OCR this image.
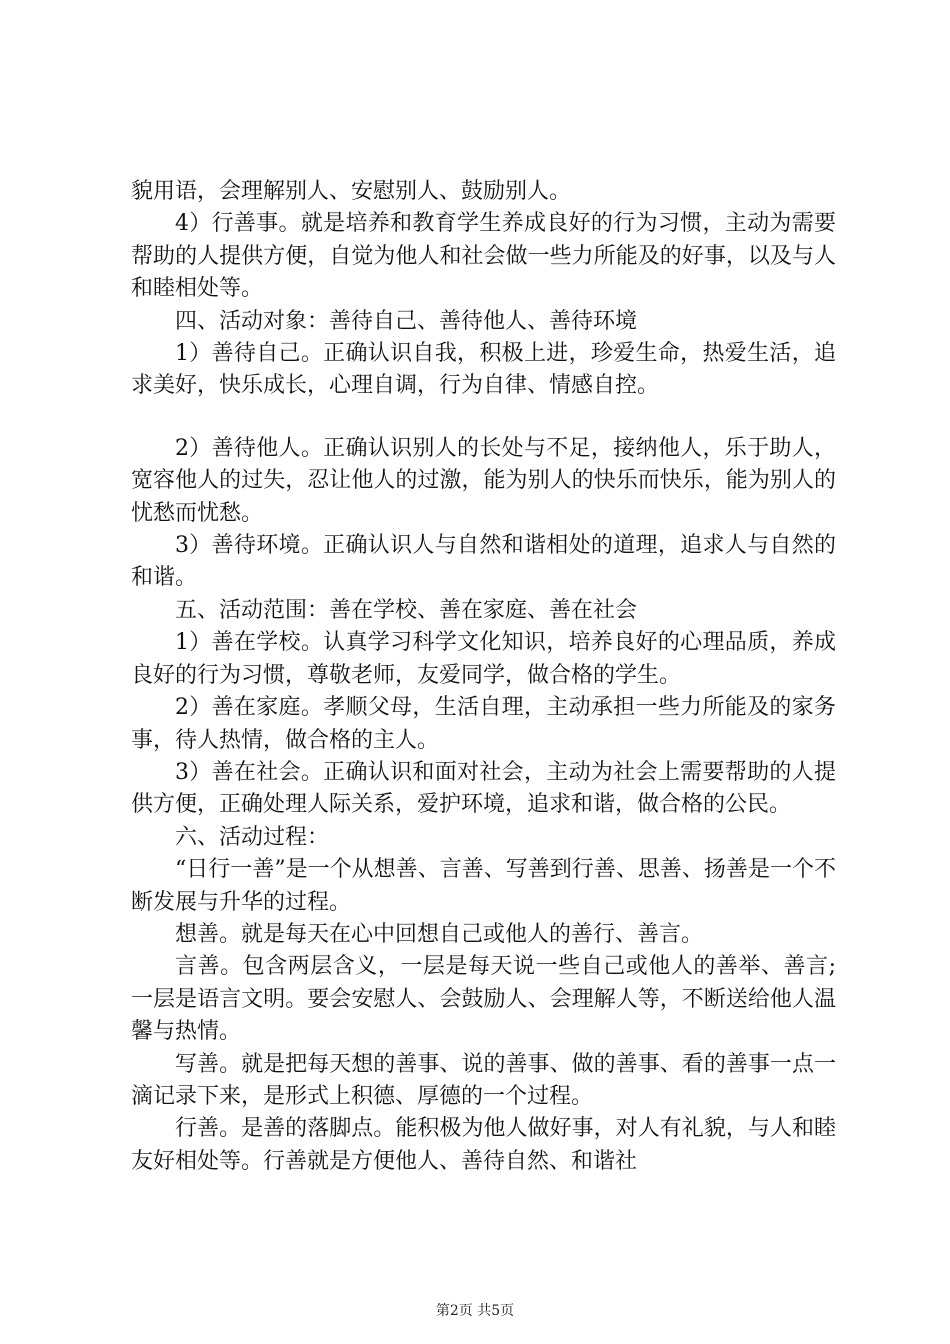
貌用语，会理解别人、安慰别人、鼓励别人。

4）行善事。就是培养和教育学生养成良好的行为习惯，主动为需要帮助的人提供方便，自觉为他人和社会做一些力所能及的好事，以及与人和睦相处等。

四、活动对象：善待自己、善待他人、善待环境

1）善待自己。正确认识自我，积极上进，珍爱生命，热爱生活，追求美好，快乐成长，心理自调，行为自律、情感自控。

2）善待他人。正确认识别人的长处与不足，接纳他人，乐于助人，宽容他人的过失，忍让他人的过激，能为别人的快乐而快乐，能为别人的忧愁而忧愁。

3）善待环境。正确认识人与自然和谐相处的道理，追求人与自然的和谐。

五、活动范围：善在学校、善在家庭、善在社会

1）善在学校。认真学习科学文化知识，培养良好的心理品质，养成良好的行为习惯，尊敬老师，友爱同学，做合格的学生。

2）善在家庭。孝顺父母，生活自理，主动承担一些力所能及的家务事，待人热情，做合格的主人。

3）善在社会。正确认识和面对社会，主动为社会上需要帮助的人提供方便，正确处理人际关系，爱护环境，追求和谐，做合格的公民。

六、活动过程：

“日行一善”是一个从想善、言善、写善到行善、思善、扬善是一个不断发展与升华的过程。

想善。就是每天在心中回想自己或他人的善行、善言。

言善。包含两层含义，一层是每天说一些自己或他人的善举、善言;一层是语言文明。要会安慰人、会鼓励人、会理解人等，不断送给他人温馨与热情。

写善。就是把每天想的善事、说的善事、做的善事、看的善事一点一滴记录下来，是形式上积德、厚德的一个过程。

行善。是善的落脚点。能积极为他人做好事，对人有礼貌，与人和睦友好相处等。行善就是方便他人、善待自然、和谐社

第2页 共5页
